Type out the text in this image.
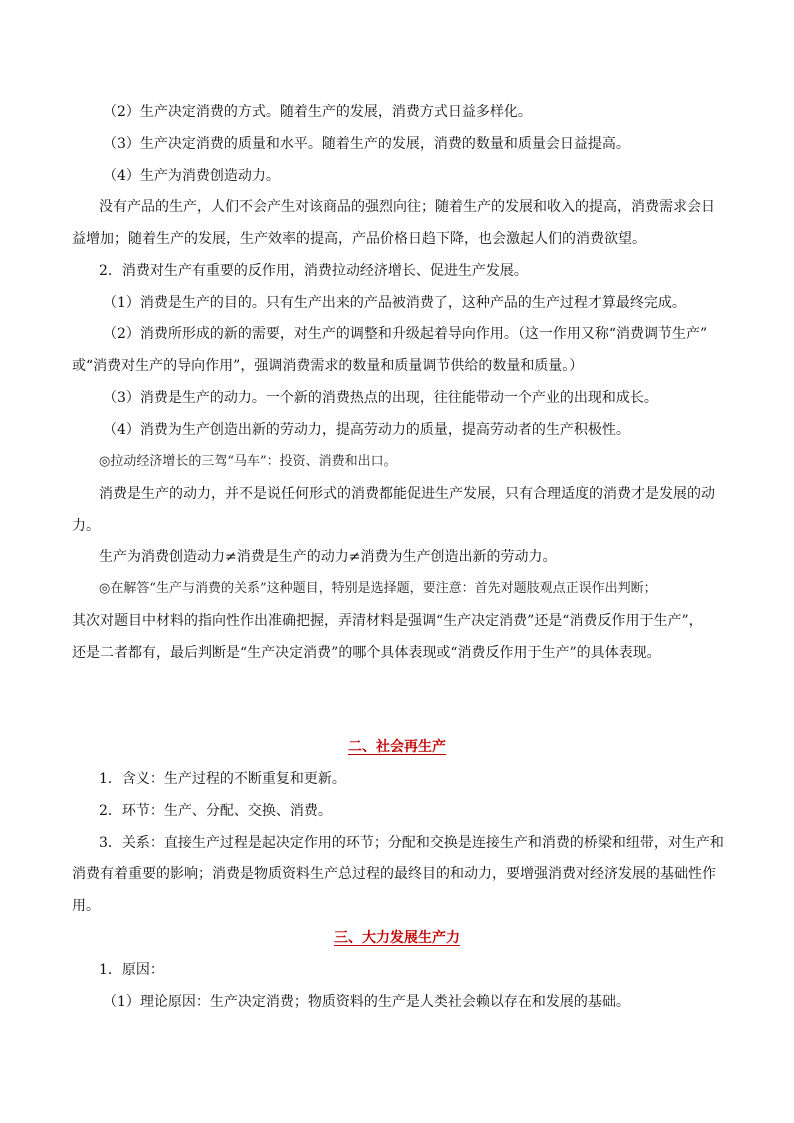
（2）生产决定消费的方式。随着生产的发展，消费方式日益多样化。
（3）生产决定消费的质量和水平。随着生产的发展，消费的数量和质量会日益提高。
（4）生产为消费创造动力。
没有产品的生产，人们不会产生对该商品的强烈向往；随着生产的发展和收入的提高，消费需求会日
益增加；随着生产的发展，生产效率的提高，产品价格日趋下降，也会激起人们的消费欲望。
2．消费对生产有重要的反作用，消费拉动经济增长、促进生产发展。
（1）消费是生产的目的。只有生产出来的产品被消费了，这种产品的生产过程才算最终完成。
（2）消费所形成的新的需要，对生产的调整和升级起着导向作用。（这一作用又称“消费调节生产”
或“消费对生产的导向作用”，强调消费需求的数量和质量调节供给的数量和质量。）
（3）消费是生产的动力。一个新的消费热点的出现，往往能带动一个产业的出现和成长。
（4）消费为生产创造出新的劳动力，提高劳动力的质量，提高劳动者的生产积极性。
◎拉动经济增长的三驾“马车”：投资、消费和出口。
消费是生产的动力，并不是说任何形式的消费都能促进生产发展，只有合理适度的消费才是发展的动
力。
生产为消费创造动力≠消费是生产的动力≠消费为生产创造出新的劳动力。
◎在解答“生产与消费的关系”这种题目，特别是选择题，要注意：首先对题肢观点正误作出判断；
其次对题目中材料的指向性作出准确把握，弄清材料是强调“生产决定消费”还是“消费反作用于生产”，
还是二者都有，最后判断是“生产决定消费”的哪个具体表现或“消费反作用于生产”的具体表现。
二、社会再生产
1．含义：生产过程的不断重复和更新。
2．环节：生产、分配、交换、消费。
3．关系：直接生产过程是起决定作用的环节；分配和交换是连接生产和消费的桥梁和纽带，对生产和
消费有着重要的影响；消费是物质资料生产总过程的最终目的和动力，要增强消费对经济发展的基础性作
用。
三、大力发展生产力
1．原因：
（1）理论原因：生产决定消费；物质资料的生产是人类社会赖以存在和发展的基础。
